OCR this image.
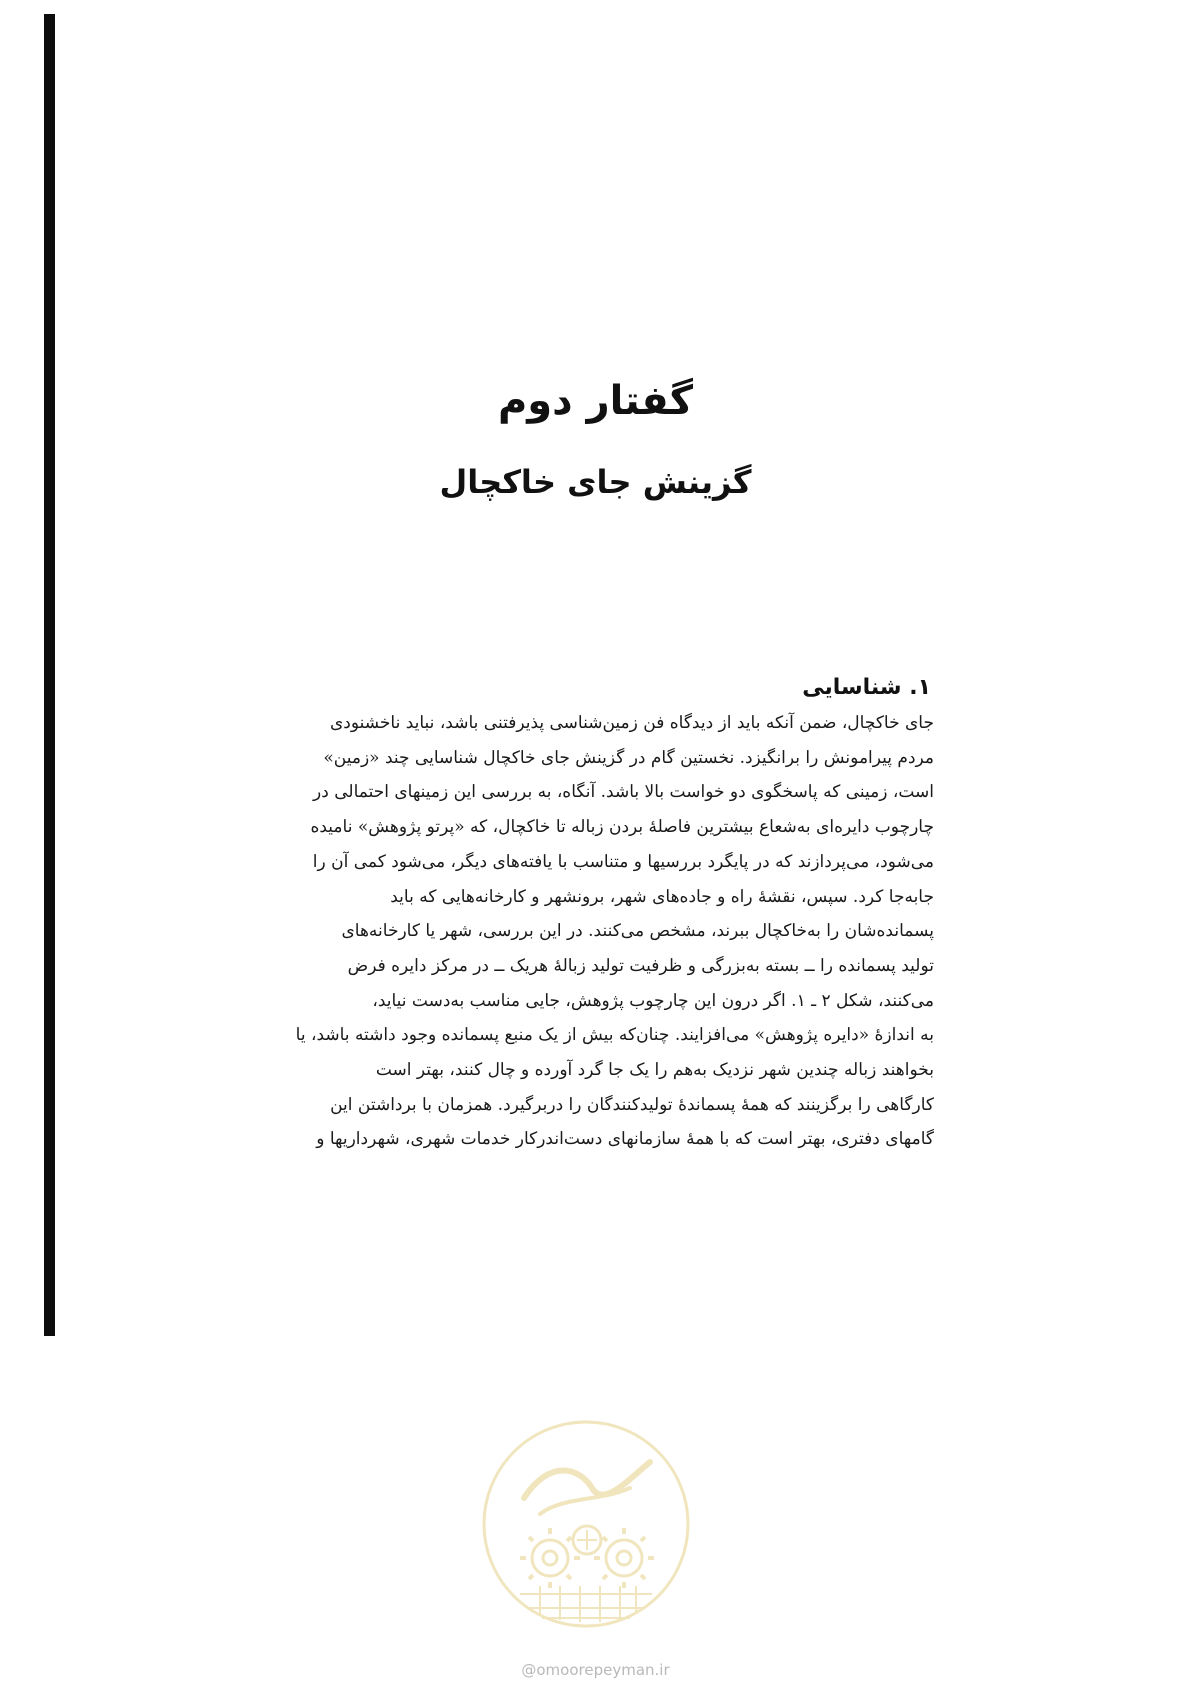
گفتار دوم
گزینش جای خاکچال
۱. شناسایی
جای خاکچال، ضمن آنکه باید از دیدگاه فن زمین‌شناسی پذیرفتنی باشد، نباید ناخشنودی
مردم پیرامونش را برانگیزد. نخستین گام در گزینش جای خاکچال شناسایی چند «زمین»
است، زمینی که پاسخگوی دو خواست بالا باشد. آنگاه، به بررسی این زمینهای احتمالی در
چارچوب دایره‌ای به‌شعاع بیشترین فاصلهٔ بردن زباله تا خاکچال، که «پرتو پژوهش» نامیده
می‌شود، می‌پردازند که در پایگرد بررسیها و متناسب با یافته‌های دیگر، می‌شود کمی آن را
جابه‌جا کرد. سپس، نقشهٔ راه و جاده‌های شهر، برونشهر و کارخانه‌هایی که باید
پسمانده‌شان را به‌خاکچال ببرند، مشخص می‌کنند. در این بررسی، شهر یا کارخانه‌های
تولید پسمانده را ــ بسته به‌بزرگی و ظرفیت تولید زبالهٔ هریک ــ در مرکز دایره فرض
می‌کنند، شکل ۲ ـ ۱. اگر درون این چارچوب پژوهش، جایی مناسب به‌دست نیاید،
به اندازهٔ «دایره پژوهش» می‌افزایند. چنان‌که بیش از یک منبع پسمانده وجود داشته باشد، یا
بخواهند زباله چندین شهر نزدیک به‌هم را یک جا گرد آورده و چال کنند، بهتر است
کارگاهی را برگزینند که همهٔ پسماندهٔ تولیدکنندگان را دربرگیرد. همزمان با برداشتن این
گامهای دفتری، بهتر است که با همهٔ سازمانهای دست‌اندرکار خدمات شهری، شهرداریها و
@omoorepeyman.ir
